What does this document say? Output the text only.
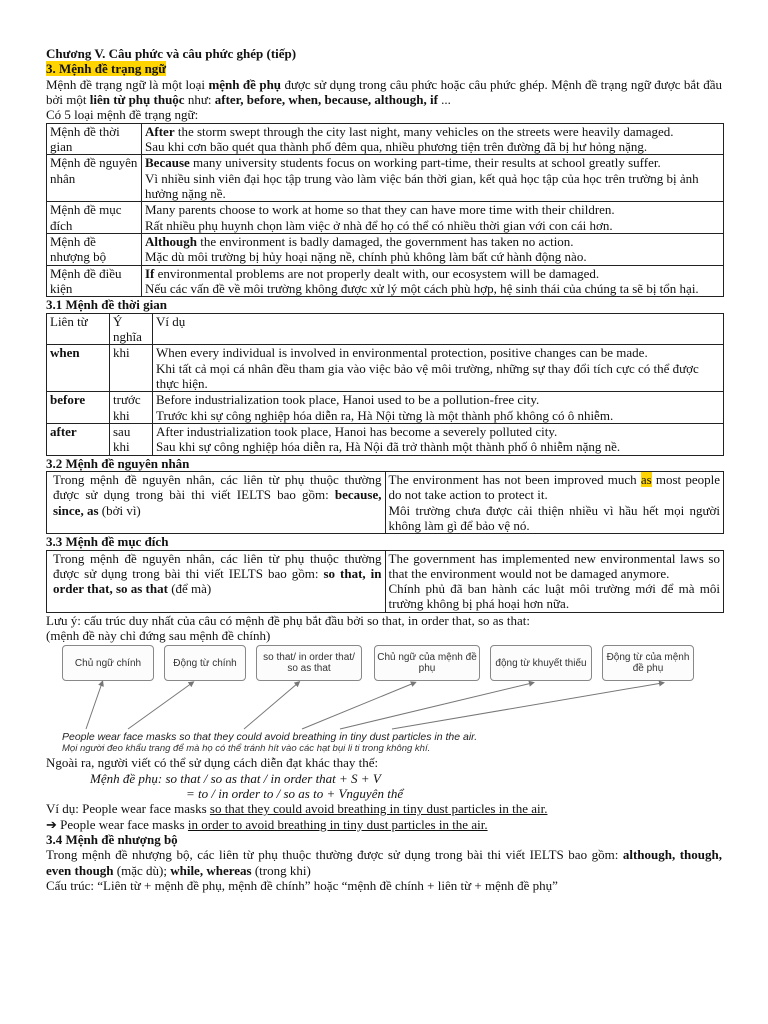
Chương V. Câu phức và câu phức ghép (tiếp)

3. Mệnh đề trạng ngữ

Mệnh đề trạng ngữ là một loại mệnh đề phụ được sử dụng trong câu phức hoặc câu phức ghép. Mệnh đề trạng ngữ được bắt đầu bởi một liên từ phụ thuộc như: after, before, when, because, although, if ...

Có 5 loại mệnh đề trạng ngữ:

Mệnh đề thời gian	After the storm swept through the city last night, many vehicles on the streets were heavily damaged.
Sau khi cơn bão quét qua thành phố đêm qua, nhiều phương tiện trên đường đã bị hư hỏng nặng.
Mệnh đề nguyên nhân	Because many university students focus on working part-time, their results at school greatly suffer.
Vì nhiều sinh viên đại học tập trung vào làm việc bán thời gian, kết quả học tập của học trên trường bị ảnh hưởng nặng nề.
Mệnh đề mục đích	Many parents choose to work at home so that they can have more time with their children.
Rất nhiều phụ huynh chọn làm việc ở nhà để họ có thể có nhiều thời gian với con cái hơn.
Mệnh đề nhượng bộ	Although the environment is badly damaged, the government has taken no action.
Mặc dù môi trường bị hủy hoại nặng nề, chính phủ không làm bất cứ hành động nào.
Mệnh đề điều kiện	If environmental problems are not properly dealt with, our ecosystem will be damaged.
Nếu các vấn đề về môi trường không được xử lý một cách phù hợp, hệ sinh thái của chúng ta sẽ bị tổn hại.

3.1 Mệnh đề thời gian

Liên từ	Ý nghĩa	Ví dụ
when	khi	When every individual is involved in environmental protection, positive changes can be made.
Khi tất cả mọi cá nhân đều tham gia vào việc bảo vệ môi trường, những sự thay đổi tích cực có thể được thực hiện.
before	trước khi	Before industrialization took place, Hanoi used to be a pollution-free city.
Trước khi sự công nghiệp hóa diễn ra, Hà Nội từng là một thành phố không có ô nhiễm.
after	sau khi	After industrialization took place, Hanoi has become a severely polluted city.
Sau khi sự công nghiệp hóa diễn ra, Hà Nội đã trở thành một thành phố ô nhiễm nặng nề.

3.2 Mệnh đề nguyên nhân

Trong mệnh đề nguyên nhân, các liên từ phụ thuộc thường được sử dụng trong bài thi viết IELTS bao gồm: because, since, as (bởi vì)	The environment has not been improved much as most people do not take action to protect it.
Môi trường chưa được cải thiện nhiều vì hầu hết mọi người không làm gì để bảo vệ nó.

3.3 Mệnh đề mục đích

Trong mệnh đề nguyên nhân, các liên từ phụ thuộc thường được sử dụng trong bài thi viết IELTS bao gồm: so that, in order that, so as that (để mà)	The government has implemented new environmental laws so that the environment would not be damaged anymore.
Chính phủ đã ban hành các luật môi trường mới để mà môi trường không bị phá hoại hơn nữa.

Lưu ý: cấu trúc duy nhất của câu có mệnh đề phụ bắt đầu bởi so that, in order that, so as that:

(mệnh đề này chỉ đứng sau mệnh đề chính)

Chủ ngữ chính	Động từ chính	so that/ in order that/ so as that
Chủ ngữ của mệnh đề phụ	động từ khuyết thiếu	Động từ của mệnh đề phụ
People wear face masks so that they could avoid breathing in tiny dust particles in the air.
Mọi người đeo khẩu trang để mà họ có thể tránh hít vào các hạt bụi li ti trong không khí.

Ngoài ra, người viết có thể sử dụng cách diễn đạt khác thay thế:

Mệnh đề phụ: so that / so as that / in order that + S + V

= to / in order to / so as to + Vnguyên thể

Ví dụ: People wear face masks so that they could avoid breathing in tiny dust particles in the air.

➔ People wear face masks in order to avoid breathing in tiny dust particles in the air.

3.4 Mệnh đề nhượng bộ

Trong mệnh đề nhượng bộ, các liên từ phụ thuộc thường được sử dụng trong bài thi viết IELTS bao gồm: although, though, even though (mặc dù); while, whereas (trong khi)

Cấu trúc: “Liên từ + mệnh đề phụ, mệnh đề chính” hoặc “mệnh đề chính + liên từ + mệnh đề phụ”
